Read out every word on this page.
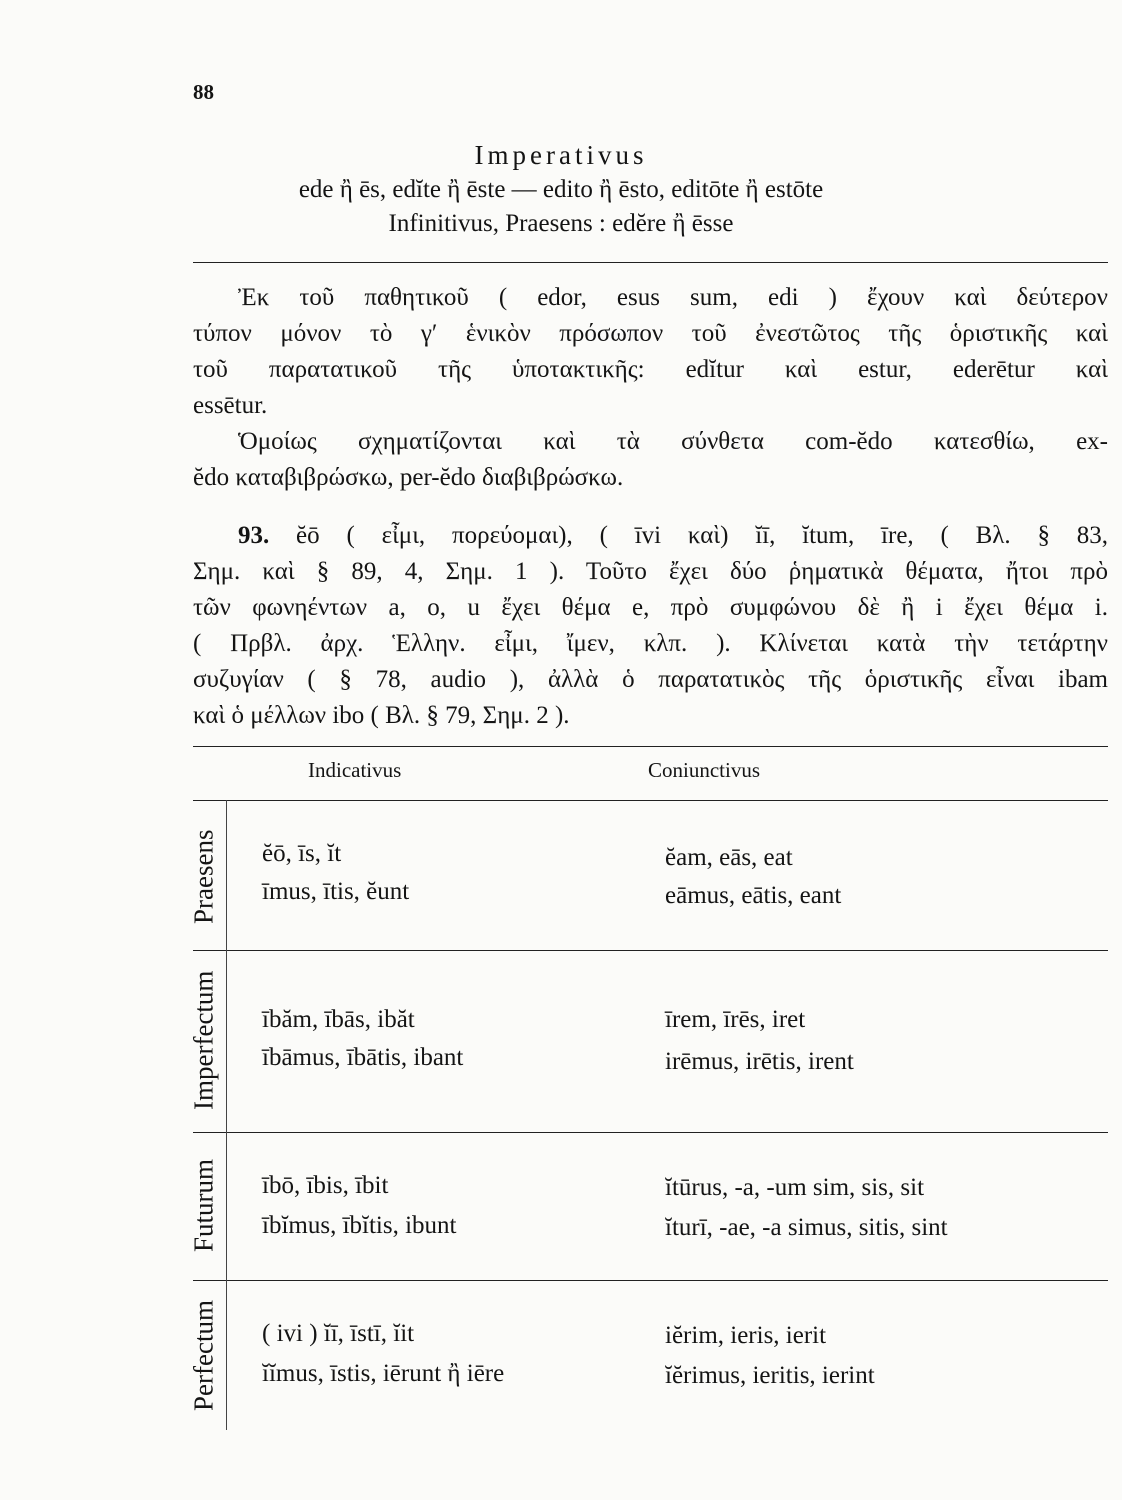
88
Imperativus
ede ἢ ēs, edĭte ἢ ēste — edito ἢ ēsto, editōte ἢ estōte
Infinitivus, Praesens : edĕre ἢ ēsse
Ἐκ τοῦ παθητικοῦ ( edor, esus sum, edi ) ἔχουν καὶ δεύτερον
τύπον μόνον τὸ γ′ ἑνικὸν πρόσωπον τοῦ ἐνεστῶτος τῆς ὁριστικῆς καὶ
τοῦ παρατατικοῦ τῆς ὑποτακτικῆς: edĭtur καὶ estur, ederētur καὶ
essētur.
Ὁμοίως σχηματίζονται καὶ τὰ σύνθετα com-ĕdo κατεσθίω, ex-
ĕdo καταβιβρώσκω, per-ĕdo διαβιβρώσκω.
93. ĕō ( εἶμι, πορεύομαι), ( īvi καὶ) ĭī, ĭtum, īre, ( Βλ. § 83,
Σημ. καὶ § 89, 4, Σημ. 1 ). Τοῦτο ἔχει δύο ῥηματικὰ θέματα, ἤτοι πρὸ
τῶν φωνηέντων a, o, u ἔχει θέμα e, πρὸ συμφώνου δὲ ἢ i ἔχει θέμα i.
( Πρβλ. ἀρχ. Ἑλλην. εἶμι, ἴμεν, κλπ. ). Κλίνεται κατὰ τὴν τετάρτην
συζυγίαν ( § 78, audio ), ἀλλὰ ὁ παρατατικὸς τῆς ὁριστικῆς εἶναι ibam
καὶ ὁ μέλλων ibo ( Βλ. § 79, Σημ. 2 ).
Indicativus	Coniunctivus
Praesens ĕō, īs, ĭt
īmus, ītis, ĕunt
ĕam, eās, eat
eāmus, eātis, eant
Imperfectum ībăm, ībās, ibăt
ībāmus, ībātis, ibant
īrem, īrēs, iret
irēmus, irētis, irent
Futurum ībō, ībis, ībit
ībĭmus, ībĭtis, ibunt
ĭtūrus, -a, -um sim, sis, sit
ĭturī, -ae, -a simus, sitis, sint
Perfectum ( ivi ) ĭī, īstī, ĭit
ĭĭmus, īstis, iērunt ἢ iēre
iĕrim, ieris, ierit
ĭĕrimus, ieritis, ierint
